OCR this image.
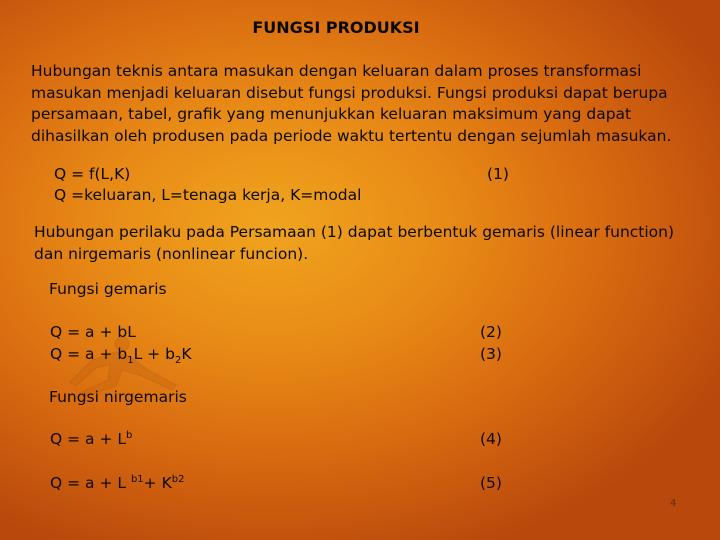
FUNGSI PRODUKSI
Hubungan teknis antara masukan dengan keluaran dalam proses transformasi masukan menjadi keluaran disebut fungsi produksi. Fungsi produksi dapat berupa persamaan, tabel, grafik yang menunjukkan keluaran maksimum yang dapat dihasilkan oleh produsen pada periode waktu tertentu dengan sejumlah masukan.
Q = f(L,K)	(1)
Q =keluaran, L=tenaga kerja, K=modal
Hubungan perilaku pada Persamaan (1) dapat berbentuk gemaris (linear function) dan nirgemaris (nonlinear funcion).
Fungsi gemaris
Q = a + bL	(2)
$Q = a + b_1L + b_2K$	(3)
Fungsi nirgemaris
$Q = a + L^b$	(4)
Q = a + L $^{b1}+ K^{b2}$	(5)
4
